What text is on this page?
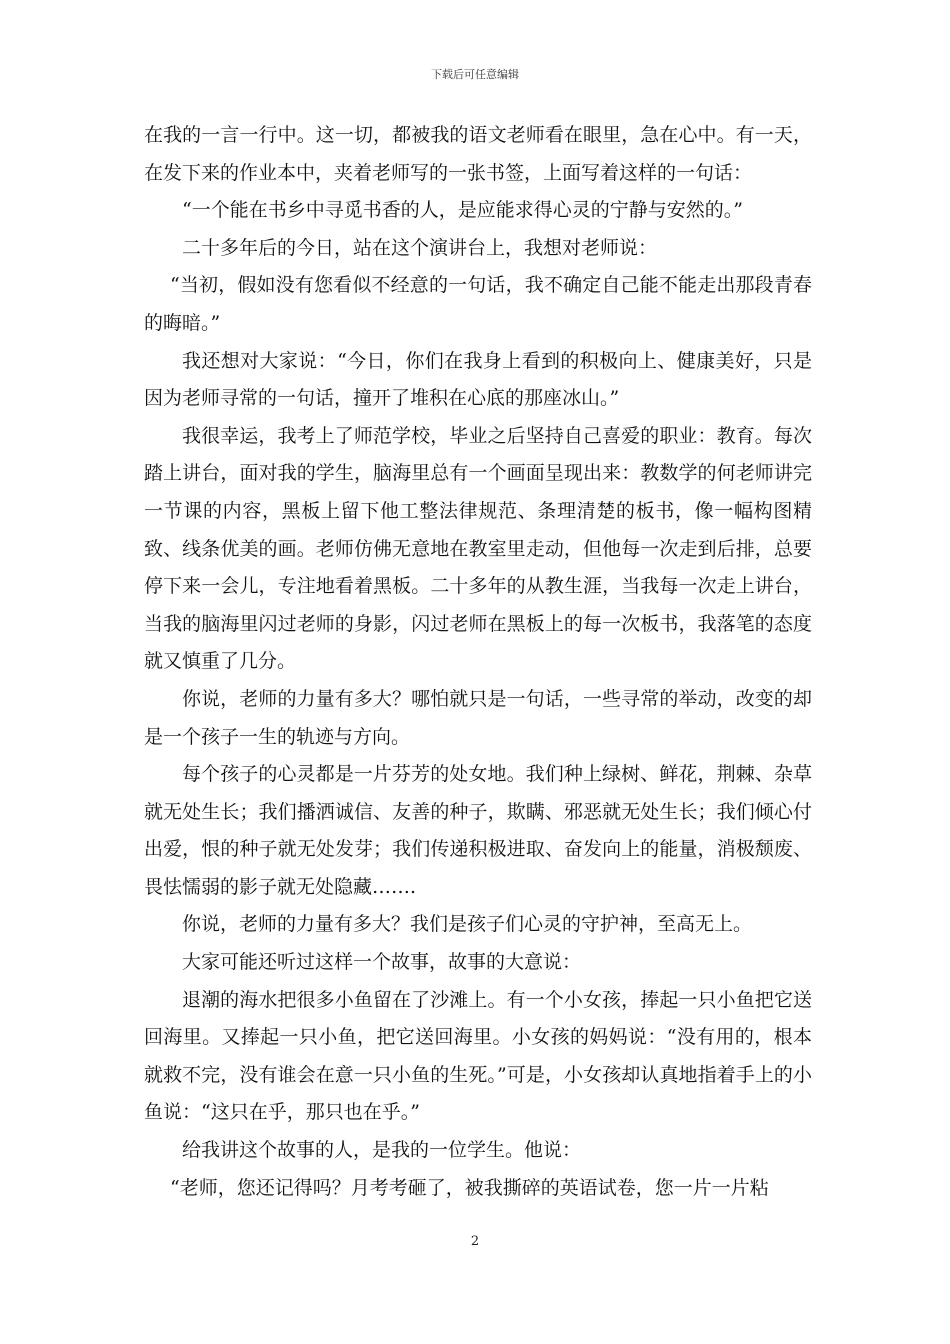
下载后可任意编辑

在我的一言一行中。这一切，都被我的语文老师看在眼里，急在心中。有一天，在发下来的作业本中，夹着老师写的一张书签，上面写着这样的一句话：

“一个能在书乡中寻觅书香的人，是应能求得心灵的宁静与安然的。”

二十多年后的今日，站在这个演讲台上，我想对老师说：

“当初，假如没有您看似不经意的一句话，我不确定自己能不能走出那段青春的晦暗。”

我还想对大家说：“今日，你们在我身上看到的积极向上、健康美好，只是因为老师寻常的一句话，撞开了堆积在心底的那座冰山。”

我很幸运，我考上了师范学校，毕业之后坚持自己喜爱的职业：教育。每次踏上讲台，面对我的学生，脑海里总有一个画面呈现出来：教数学的何老师讲完一节课的内容，黑板上留下他工整法律规范、条理清楚的板书，像一幅构图精致、线条优美的画。老师仿佛无意地在教室里走动，但他每一次走到后排，总要停下来一会儿，专注地看着黑板。二十多年的从教生涯，当我每一次走上讲台，当我的脑海里闪过老师的身影，闪过老师在黑板上的每一次板书，我落笔的态度就又慎重了几分。

你说，老师的力量有多大？哪怕就只是一句话，一些寻常的举动，改变的却是一个孩子一生的轨迹与方向。

每个孩子的心灵都是一片芬芳的处女地。我们种上绿树、鲜花，荆棘、杂草就无处生长；我们播洒诚信、友善的种子，欺瞒、邪恶就无处生长；我们倾心付出爱，恨的种子就无处发芽；我们传递积极进取、奋发向上的能量，消极颓废、畏怯懦弱的影子就无处隐藏…….

你说，老师的力量有多大？我们是孩子们心灵的守护神，至高无上。

大家可能还听过这样一个故事，故事的大意说：

退潮的海水把很多小鱼留在了沙滩上。有一个小女孩，捧起一只小鱼把它送回海里。又捧起一只小鱼，把它送回海里。小女孩的妈妈说：“没有用的，根本就救不完，没有谁会在意一只小鱼的生死。”可是，小女孩却认真地指着手上的小鱼说：“这只在乎，那只也在乎。”

给我讲这个故事的人，是我的一位学生。他说：

“老师，您还记得吗？月考考砸了，被我撕碎的英语试卷，您一片一片粘

2
